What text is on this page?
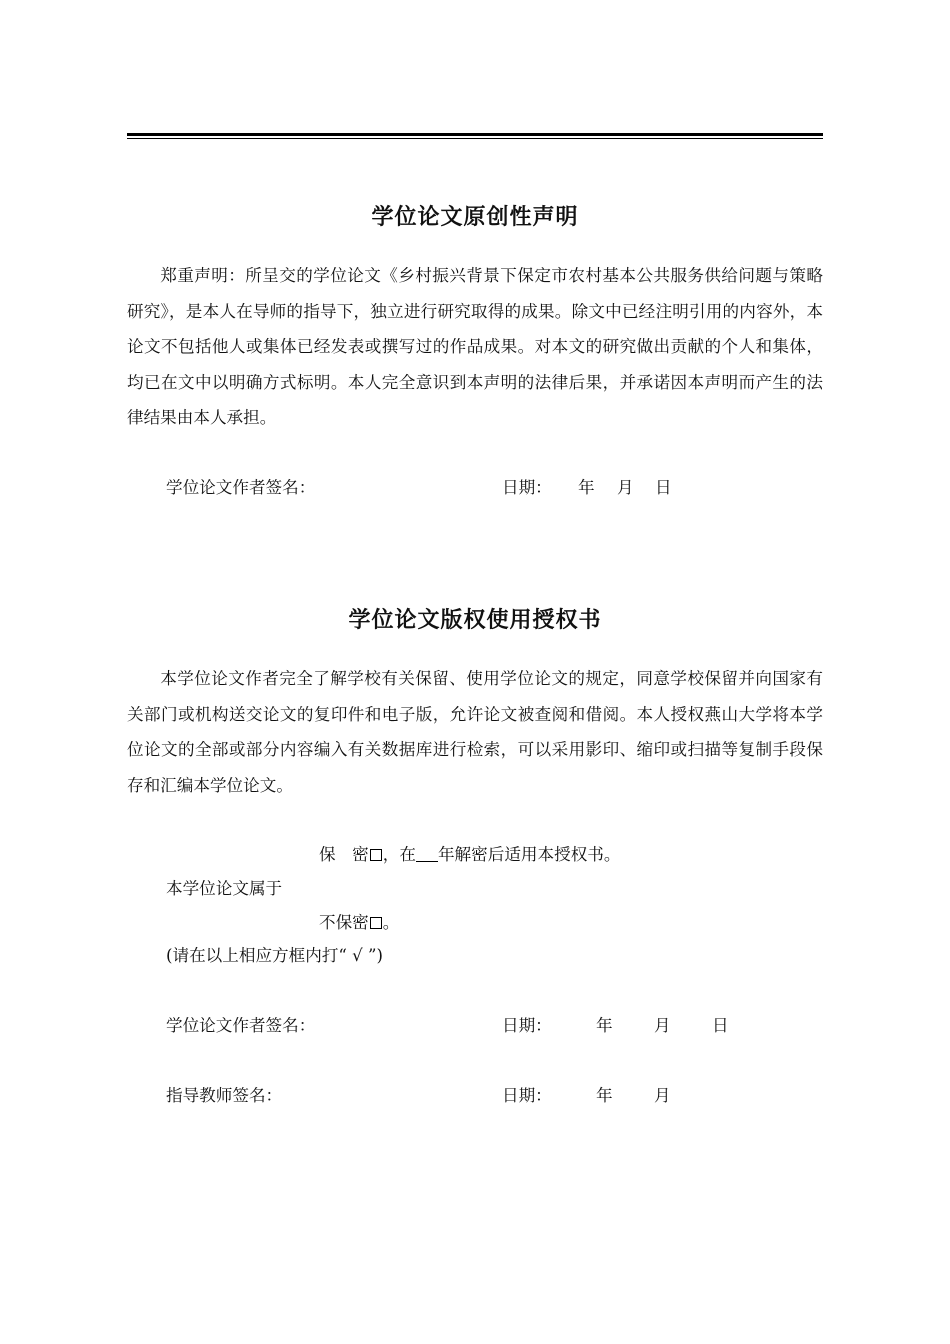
学位论文原创性声明
郑重声明：所呈交的学位论文《乡村振兴背景下保定市农村基本公共服务供给问题与策略研究》，是本人在导师的指导下，独立进行研究取得的成果。除文中已经注明引用的内容外，本论文不包括他人或集体已经发表或撰写过的作品成果。对本文的研究做出贡献的个人和集体，均已在文中以明确方式标明。本人完全意识到本声明的法律后果，并承诺因本声明而产生的法律结果由本人承担。
学位论文作者签名：	日期： 年 月 日
学位论文版权使用授权书
本学位论文作者完全了解学校有关保留、使用学位论文的规定，同意学校保留并向国家有关部门或机构送交论文的复印件和电子版，允许论文被查阅和借阅。本人授权燕山大学将本学位论文的全部或部分内容编入有关数据库进行检索，可以采用影印、缩印或扫描等复制手段保存和汇编本学位论文。
保　密 ，在 年解密后适用本授权书。
本学位论文属于
不保密 。
(请在以上相应方框内打“ √ ”)
学位论文作者签名：	日期：	年 月 日
指导教师签名：	日期：	年 月
